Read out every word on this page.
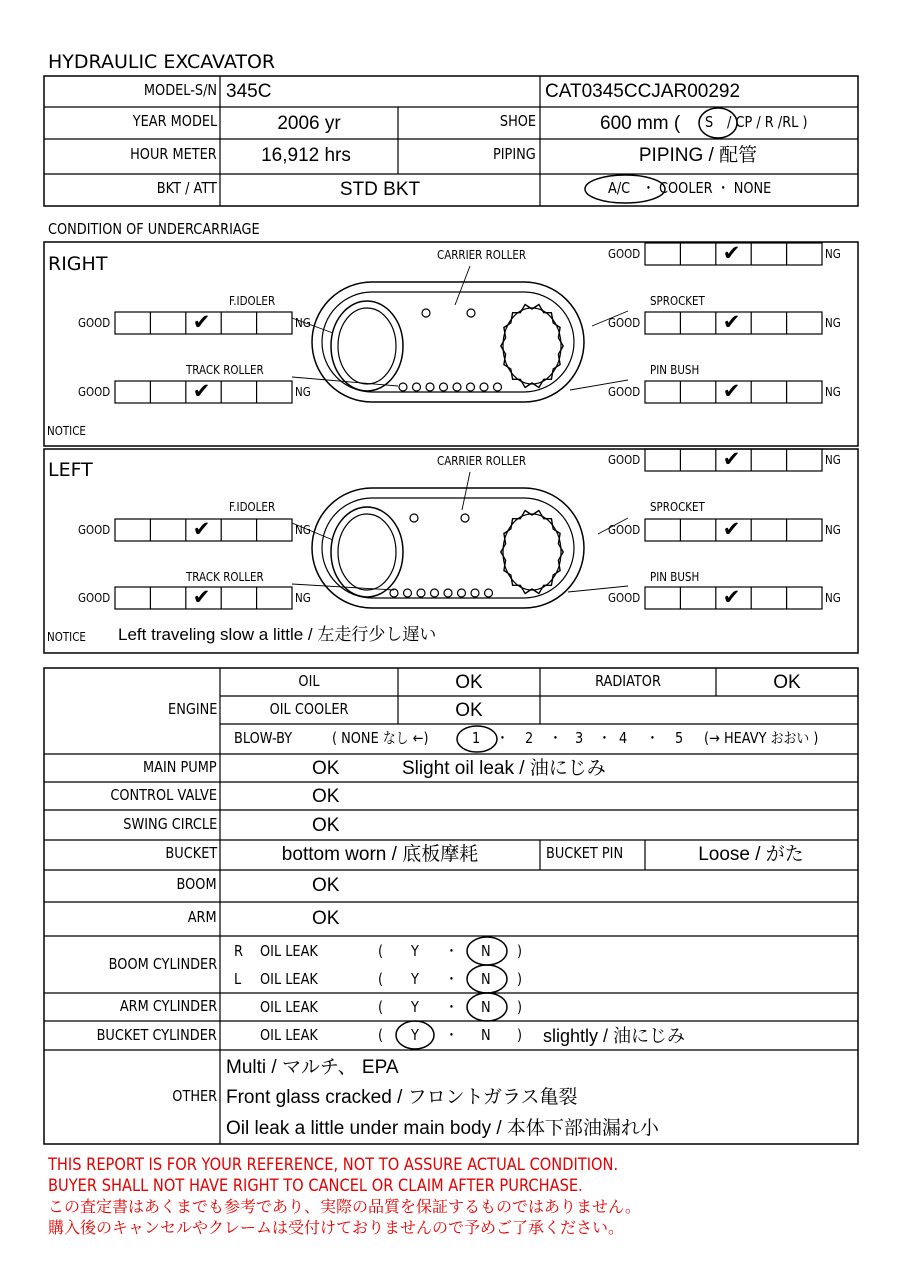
HYDRAULIC EXCAVATOR
MODEL-S/N 345C	CAT0345CCJAR00292
YEAR MODEL	2006 yr	SHOE	600 mm ( S / CP / R /RL )
HOUR METER 16,912 hrs	PIPING	PIPING / 配管
BKT / ATT	STD BKT	A/C ・ COOLER ・ NONE
CONDITION OF UNDERCARRIAGE
RIGHT
LEFT
CARRIER ROLLER
F.IDOLER
TRACK ROLLER
SPROCKET
PIN BUSH
NOTICE
CARRIER ROLLER
F.IDOLER
TRACK ROLLER
SPROCKET
PIN BUSH
NOTICE Left traveling slow a little / 左走行少し遅い
GOOD	NG
✔
GOOD	NG
✔
GOOD	NG
✔
GOOD	NG
✔
GOOD	NG
✔
GOOD	NG
✔
GOOD	NG
✔
GOOD	NG
✔
GOOD	NG
✔
GOOD	NG
✔
ENGINE
OIL	OK	RADIATOR	OK
OIL COOLER	OK
BLOW-BY	( NONE なし ←)	1 ・ 2 ・ 3 ・ 4 ・ 5 (→ HEAVY おおい )
MAIN PUMP	OK	Slight oil leak / 油にじみ
CONTROL VALVE	OK
SWING CIRCLE	OK
BUCKET	bottom worn / 底板摩耗	BUCKET PIN	Loose / がた
BOOM	OK
ARM	OK
BOOM CYLINDER
R OIL LEAK	( Y ・ N )
L OIL LEAK	( Y ・ N )
ARM CYLINDER	OIL LEAK	( Y ・ N )
BUCKET CYLINDER	OIL LEAK	( Y ・ N ) slightly / 油にじみ
OTHER
Multi / マルチ、 EPA
Front glass cracked / フロントガラス亀裂
Oil leak a little under main body / 本体下部油漏れ小
THIS REPORT IS FOR YOUR REFERENCE, NOT TO ASSURE ACTUAL CONDITION.
BUYER SHALL NOT HAVE RIGHT TO CANCEL OR CLAIM AFTER PURCHASE.
この査定書はあくまでも参考であり、実際の品質を保証するものではありません。
購入後のキャンセルやクレームは受付けておりませんので予めご了承ください。
